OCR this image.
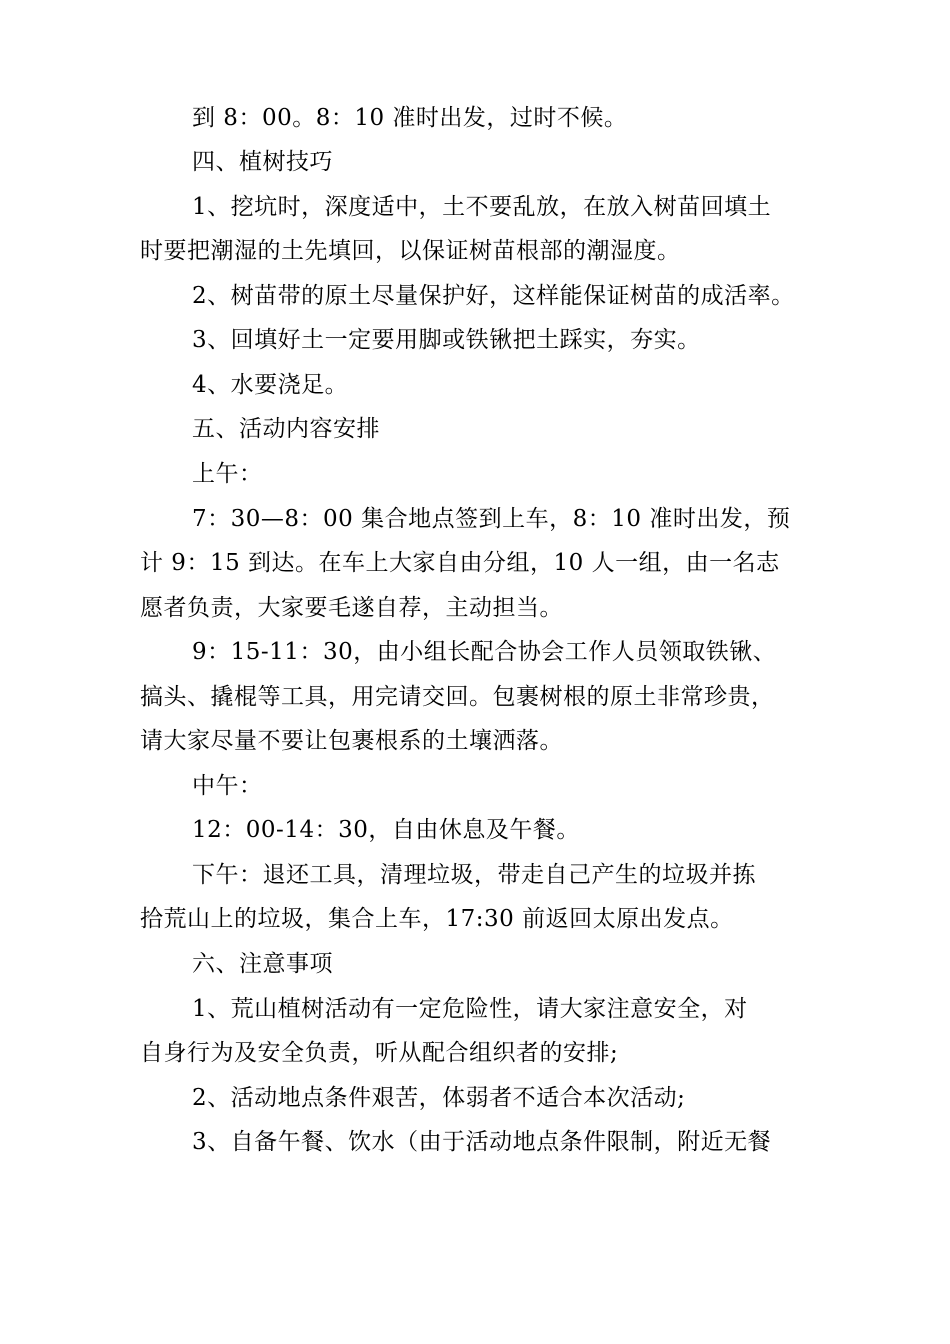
到 8：00。8：10 准时出发，过时不候。
四、植树技巧
1、挖坑时，深度适中，土不要乱放，在放入树苗回填土
时要把潮湿的土先填回，以保证树苗根部的潮湿度。
2、树苗带的原土尽量保护好，这样能保证树苗的成活率。
3、回填好土一定要用脚或铁锹把土踩实，夯实。
4、水要浇足。
五、活动内容安排
上午：
7：30—8：00 集合地点签到上车，8：10 准时出发，预
计 9：15 到达。在车上大家自由分组，10 人一组，由一名志
愿者负责，大家要毛遂自荐，主动担当。
9：15-11：30，由小组长配合协会工作人员领取铁锹、
搞头、撬棍等工具，用完请交回。包裹树根的原土非常珍贵，
请大家尽量不要让包裹根系的土壤洒落。
中午：
12：00-14：30，自由休息及午餐。
下午：退还工具，清理垃圾，带走自己产生的垃圾并拣
拾荒山上的垃圾，集合上车，17:30 前返回太原出发点。
六、注意事项
1、荒山植树活动有一定危险性，请大家注意安全，对
自身行为及安全负责，听从配合组织者的安排;
2、活动地点条件艰苦，体弱者不适合本次活动;
3、自备午餐、饮水（由于活动地点条件限制，附近无餐
